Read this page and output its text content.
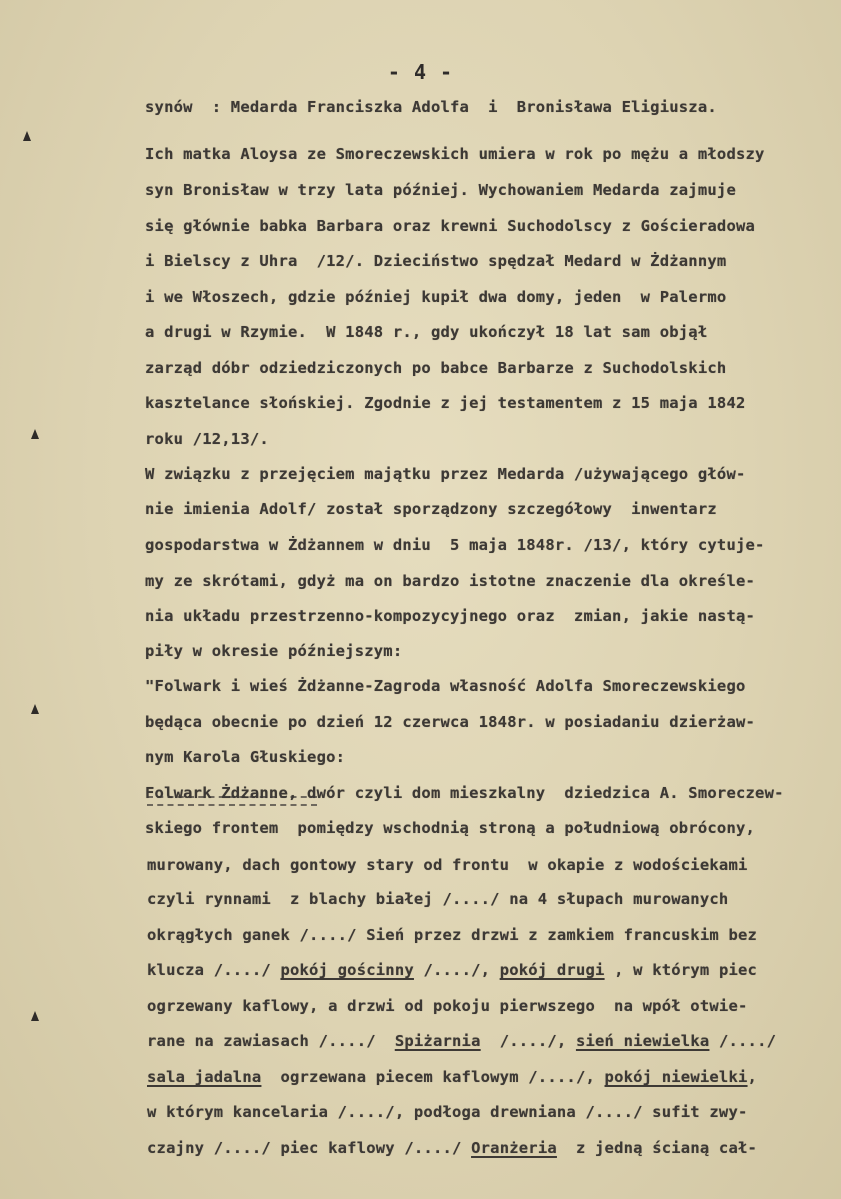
- 4 -
synów  : Medarda Franciszka Adolfa  i  Bronisława Eligiusza.
Ich matka Aloysa ze Smoreczewskich umiera w rok po mężu a młodszy
syn Bronisław w trzy lata później. Wychowaniem Medarda zajmuje
się głównie babka Barbara oraz krewni Suchodolscy z Gościeradowa
i Bielscy z Uhra  /12/. Dzieciństwo spędzał Medard w Żdżannym
i we Włoszech, gdzie później kupił dwa domy, jeden  w Palermo
a drugi w Rzymie.  W 1848 r., gdy ukończył 18 lat sam objął
zarząd dóbr odziedziczonych po babce Barbarze z Suchodolskich
kasztelance słońskiej. Zgodnie z jej testamentem z 15 maja 1842
roku /12,13/.
W związku z przejęciem majątku przez Medarda /używającego głów-
nie imienia Adolf/ został sporządzony szczegółowy  inwentarz
gospodarstwa w Żdżannem w dniu  5 maja 1848r. /13/, który cytuje-
my ze skrótami, gdyż ma on bardzo istotne znaczenie dla określe-
nia układu przestrzenno-kompozycyjnego oraz  zmian, jakie nastą-
piły w okresie późniejszym:
"Folwark i wieś Żdżanne-Zagroda własność Adolfa Smoreczewskiego
będąca obecnie po dzień 12 czerwca 1848r. w posiadaniu dzierżaw-
nym Karola Głuskiego:
Folwark Żdżanne, dwór czyli dom mieszkalny  dziedzica A. Smoreczew-
skiego frontem  pomiędzy wschodnią stroną a południową obrócony,
murowany, dach gontowy stary od frontu  w okapie z wodościekami
czyli rynnami  z blachy białej /..../ na 4 słupach murowanych
okrągłych ganek /..../ Sień przez drzwi z zamkiem francuskim bez
klucza /..../ pokój gościnny /..../, pokój drugi , w którym piec
ogrzewany kaflowy, a drzwi od pokoju pierwszego  na wpół otwie-
rane na zawiasach /..../  Spiżarnia  /..../, sień niewielka /..../
sala jadalna  ogrzewana piecem kaflowym /..../, pokój niewielki,
w którym kancelaria /..../, podłoga drewniana /..../ sufit zwy-
czajny /..../ piec kaflowy /..../ Oranżeria  z jedną ścianą cał-
